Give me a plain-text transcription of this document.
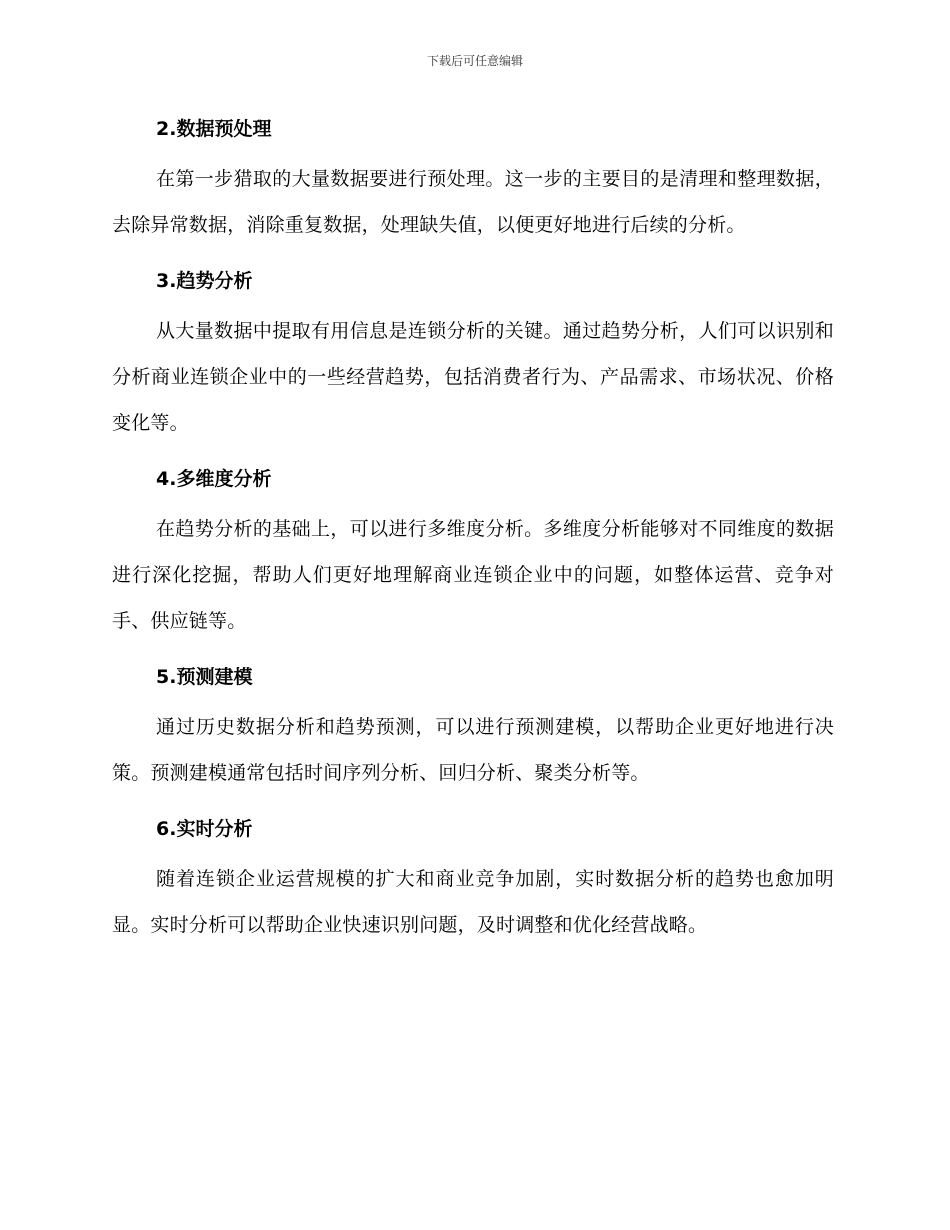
下载后可任意编辑
2.数据预处理

在第一步猎取的大量数据要进行预处理。这一步的主要目的是清理和整理数据，去除异常数据，消除重复数据，处理缺失值，以便更好地进行后续的分析。

3.趋势分析

从大量数据中提取有用信息是连锁分析的关键。通过趋势分析，人们可以识别和分析商业连锁企业中的一些经营趋势，包括消费者行为、产品需求、市场状况、价格变化等。

4.多维度分析

在趋势分析的基础上，可以进行多维度分析。多维度分析能够对不同维度的数据进行深化挖掘，帮助人们更好地理解商业连锁企业中的问题，如整体运营、竞争对手、供应链等。

5.预测建模

通过历史数据分析和趋势预测，可以进行预测建模，以帮助企业更好地进行决策。预测建模通常包括时间序列分析、回归分析、聚类分析等。

6.实时分析

随着连锁企业运营规模的扩大和商业竞争加剧，实时数据分析的趋势也愈加明显。实时分析可以帮助企业快速识别问题，及时调整和优化经营战略。
